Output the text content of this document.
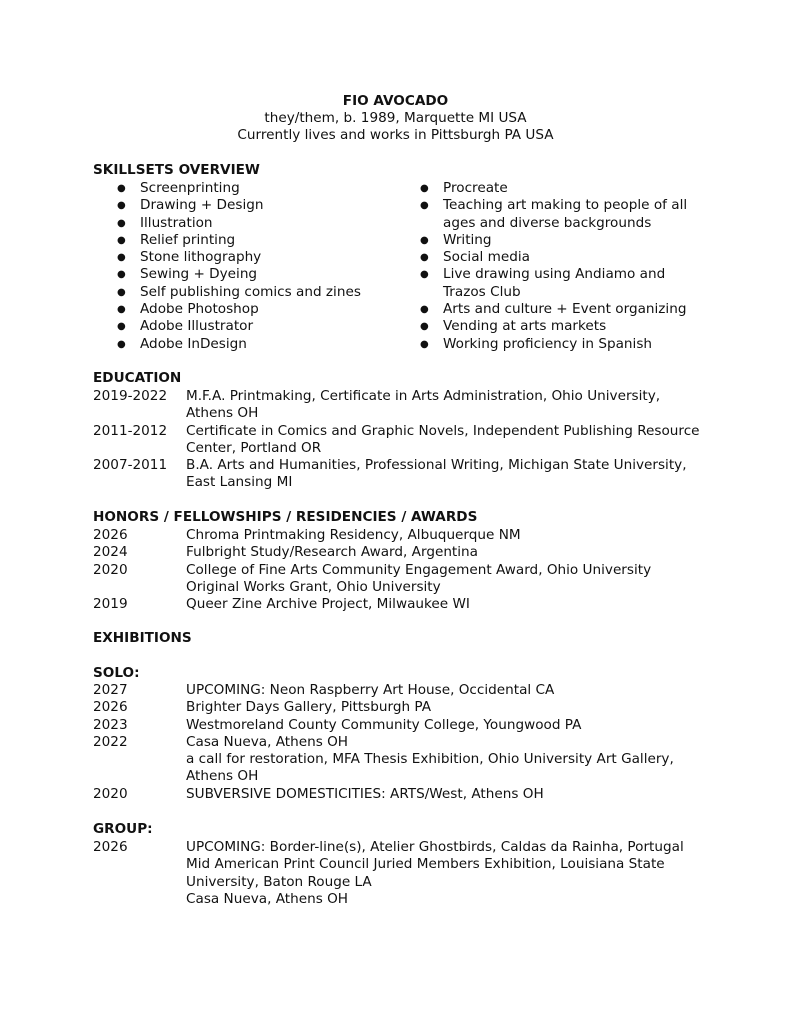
FIO AVOCADO

they/them, b. 1989, Marquette MI USA

Currently lives and works in Pittsburgh PA USA

SKILLSETS OVERVIEW

● Screenprinting
● Drawing + Design
● Illustration
● Relief printing
● Stone lithography
● Sewing + Dyeing
● Self publishing comics and zines
● Adobe Photoshop
● Adobe Illustrator
● Adobe InDesign
● Procreate
● Teaching art making to people of all ages and diverse backgrounds
● Writing
● Social media
● Live drawing using Andiamo and Trazos Club
● Arts and culture + Event organizing
● Vending at arts markets
● Working proficiency in Spanish

EDUCATION

2019-2022	M.F.A. Printmaking, Certificate in Arts Administration, Ohio University, Athens OH
2011-2012	Certificate in Comics and Graphic Novels, Independent Publishing Resource Center, Portland OR
2007-2011	B.A. Arts and Humanities, Professional Writing, Michigan State University, East Lansing MI

HONORS / FELLOWSHIPS / RESIDENCIES / AWARDS

2026	Chroma Printmaking Residency, Albuquerque NM
2024	Fulbright Study/Research Award, Argentina
2020	College of Fine Arts Community Engagement Award, Ohio University Original Works Grant, Ohio University
2019	Queer Zine Archive Project, Milwaukee WI

EXHIBITIONS

SOLO:

2027	UPCOMING: Neon Raspberry Art House, Occidental CA
2026	Brighter Days Gallery, Pittsburgh PA
2023	Westmoreland County Community College, Youngwood PA
2022	Casa Nueva, Athens OH
a call for restoration, MFA Thesis Exhibition, Ohio University Art Gallery, Athens OH
2020	SUBVERSIVE DOMESTICITIES: ARTS/West, Athens OH

GROUP:

2026	UPCOMING: Border-line(s), Atelier Ghostbirds, Caldas da Rainha, Portugal
Mid American Print Council Juried Members Exhibition, Louisiana State University, Baton Rouge LA
Casa Nueva, Athens OH
